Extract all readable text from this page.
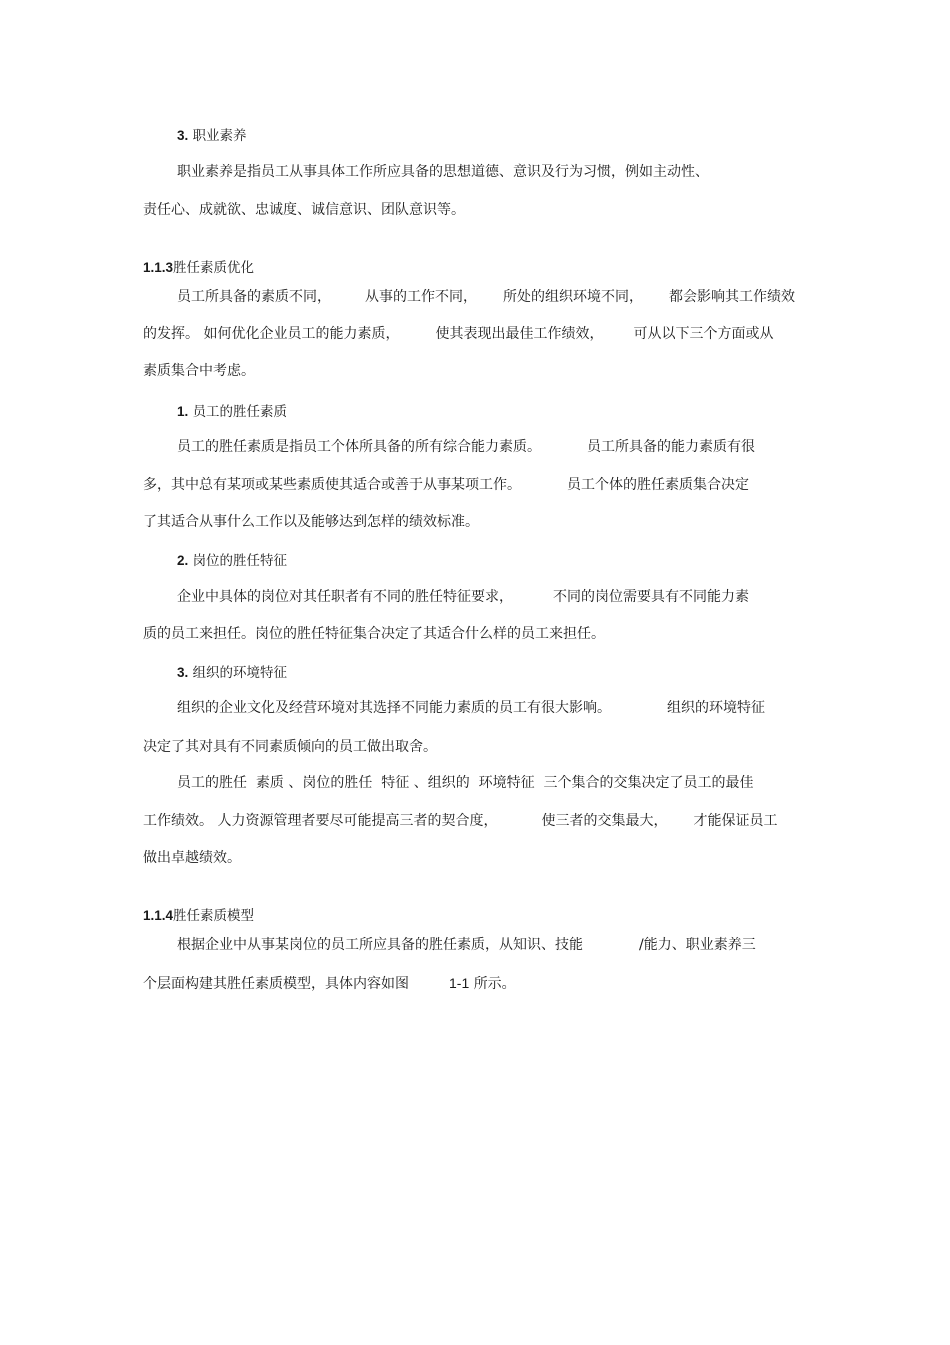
3. 职业素养
职业素养是指员工从事具体工作所应具备的思想道德、意识及行为习惯，例如主动性、
责任心、成就欲、忠诚度、诚信意识、团队意识等。
1.1.3胜任素质优化
员工所具备的素质不同， 从事的工作不同， 所处的组织环境不同， 都会影响其工作绩效
的发挥。 如何优化企业员工的能力素质，	使其表现出最佳工作绩效， 可从以下三个方面或从
素质集合中考虑。
1. 员工的胜任素质
员工的胜任素质是指员工个体所具备的所有综合能力素质。	员工所具备的能力素质有很
多，其中总有某项或某些素质使其适合或善于从事某项工作。	员工个体的胜任素质集合决定
了其适合从事什么工作以及能够达到怎样的绩效标准。
2. 岗位的胜任特征
企业中具体的岗位对其任职者有不同的胜任特征要求，	不同的岗位需要具有不同能力素
质的员工来担任。岗位的胜任特征集合决定了其适合什么样的员工来担任。
3. 组织的环境特征
组织的企业文化及经营环境对其选择不同能力素质的员工有很大影响。	组织的环境特征
决定了其对具有不同素质倾向的员工做出取舍。
员工的胜任  素质 、岗位的胜任  特征 、组织的  环境特征  三个集合的交集决定了员工的最佳
工作绩效。 人力资源管理者要尽可能提高三者的契合度，	使三者的交集最大， 才能保证员工
做出卓越绩效。
1.1.4胜任素质模型
根据企业中从事某岗位的员工所应具备的胜任素质，从知识、技能	/能力、职业素养三
个层面构建其胜任素质模型，具体内容如图	1-1 所示。
